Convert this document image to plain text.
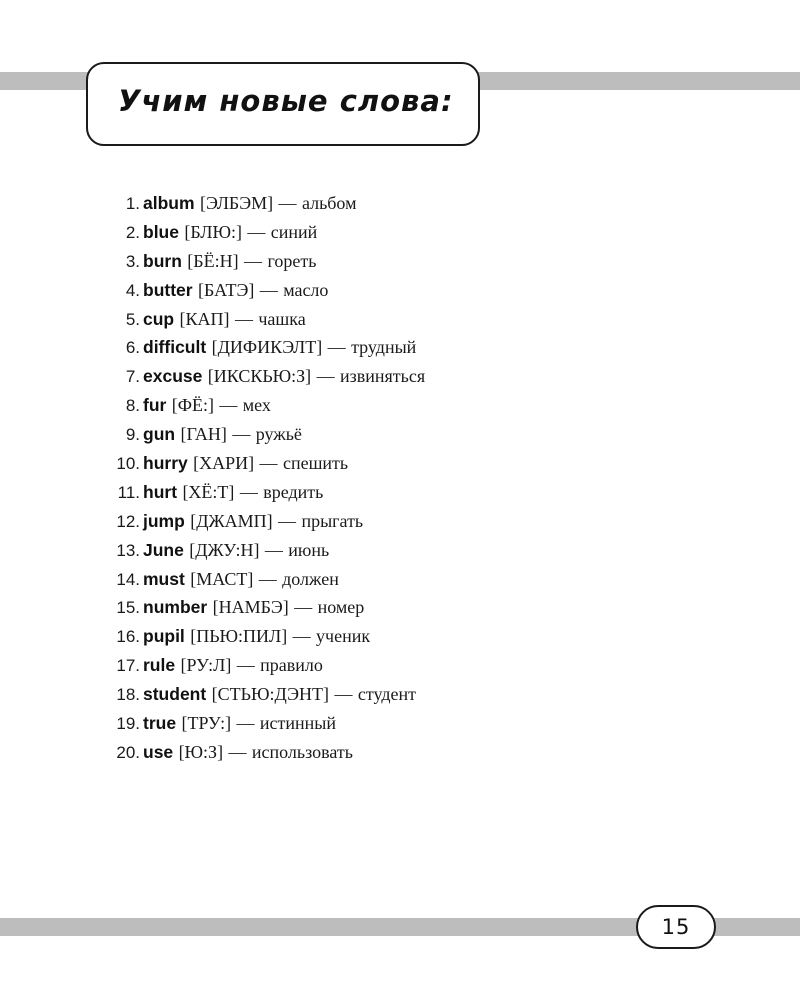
Учим новые слова:
1. album [ЭЛБЭМ] — альбом
2. blue [БЛЮ:] — синий
3. burn [БЁ:Н] — гореть
4. butter [БАТЭ] — масло
5. cup [КАП] — чашка
6. difficult [ДИФИКЭЛТ] — трудный
7. excuse [ИКСКЬЮ:З] — извиняться
8. fur [ФЁ:] — мех
9. gun [ГАН] — ружьё
10. hurry [ХАРИ] — спешить
11. hurt [ХЁ:Т] — вредить
12. jump [ДЖАМП] — прыгать
13. June [ДЖУ:Н] — июнь
14. must [МАСТ] — должен
15. number [НАМБЭ] — номер
16. pupil [ПЬЮ:ПИЛ] — ученик
17. rule [РУ:Л] — правило
18. student [СТЬЮ:ДЭНТ] — студент
19. true [ТРУ:] — истинный
20. use [Ю:З] — использовать
15
